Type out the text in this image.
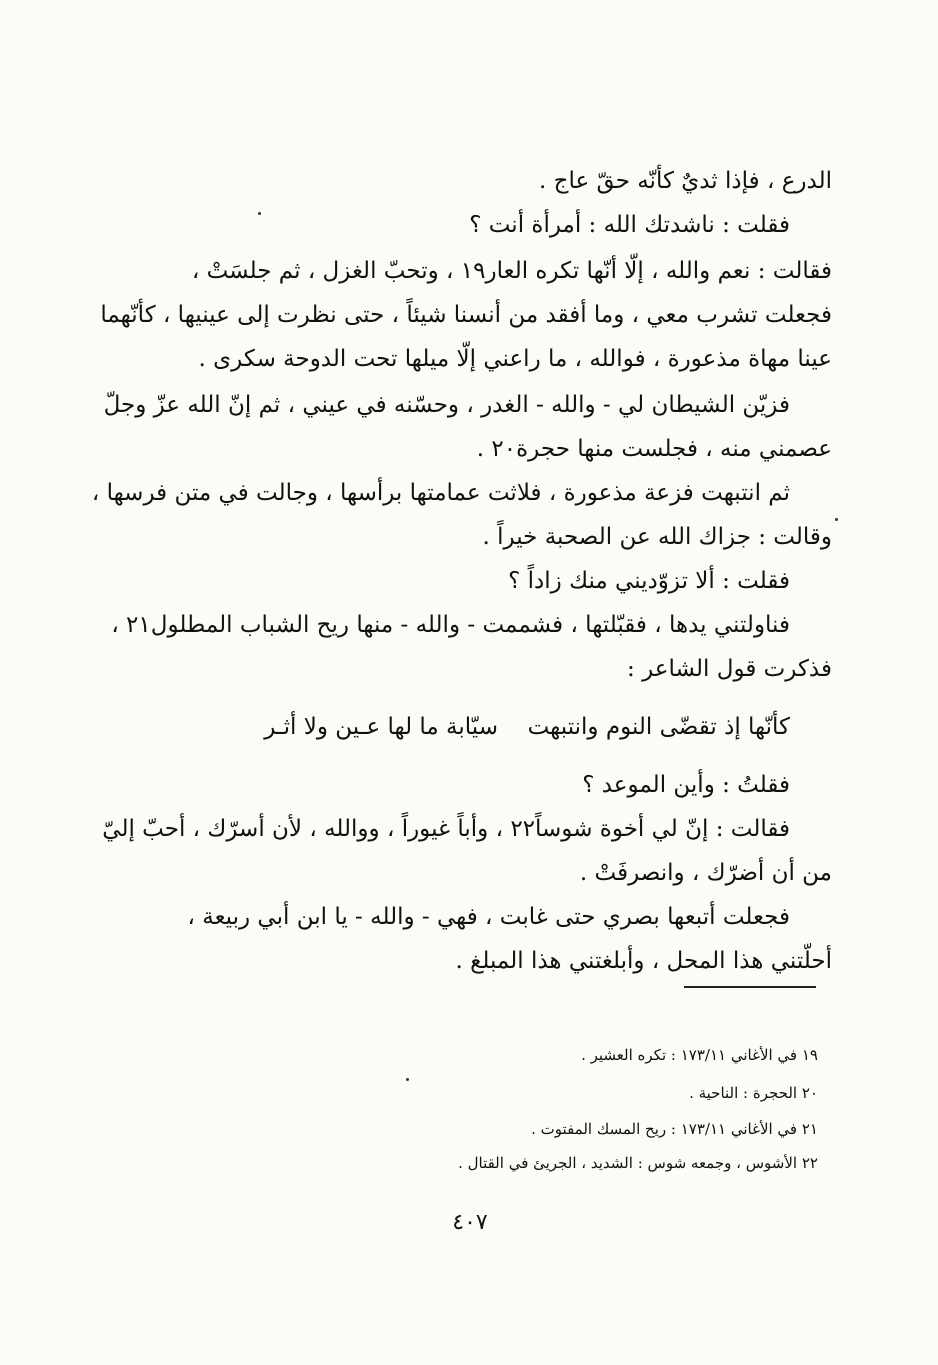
الدرع ، فإذا ثديٌ كأنّه حقّ عاج .
فقلت : ناشدتك الله : أمرأة أنت ؟
فقالت : نعم والله ، إلّا أنّها تكره العار١٩ ، وتحبّ الغزل ، ثم جلسَتْ ،
فجعلت تشرب معي ، وما أفقد من أنسنا شيئاً ، حتى نظرت إلى عينيها ، كأنّهما
عينا مهاة مذعورة ، فوالله ، ما راعني إلّا ميلها تحت الدوحة سكرى .
فزيّن الشيطان لي - والله - الغدر ، وحسّنه في عيني ، ثم إنّ الله عزّ وجلّ
عصمني منه ، فجلست منها حجرة٢٠ .
ثم انتبهت فزعة مذعورة ، فلاثت عمامتها برأسها ، وجالت في متن فرسها ،
وقالت : جزاك الله عن الصحبة خيراً .
فقلت : ألا تزوّديني منك زاداً ؟
فناولتني يدها ، فقبّلتها ، فشممت - والله - منها ريح الشباب المطلول٢١ ،
فذكرت قول الشاعر :
كأنّها إذ تقضّى النوم وانتبهت
سيّابة ما لها عـين ولا أثـر
فقلتُ : وأين الموعد ؟
فقالت : إنّ لي أخوة شوساً٢٢ ، وأباً غيوراً ، ووالله ، لأن أسرّك ، أحبّ إليّ
من أن أضرّك ، وانصرفَتْ .
فجعلت أتبعها بصري حتى غابت ، فهي - والله - يا ابن أبي ربيعة ،
أحلّتني هذا المحل ، وأبلغتني هذا المبلغ .
١٩ في الأغاني ١٧٣/١١ : تكره العشير .
٢٠ الحجرة : الناحية .
٢١ في الأغاني ١٧٣/١١ : ريح المسك المفتوت .
٢٢ الأشوس ، وجمعه شوس : الشديد ، الجريئ في القتال .
٤٠٧
